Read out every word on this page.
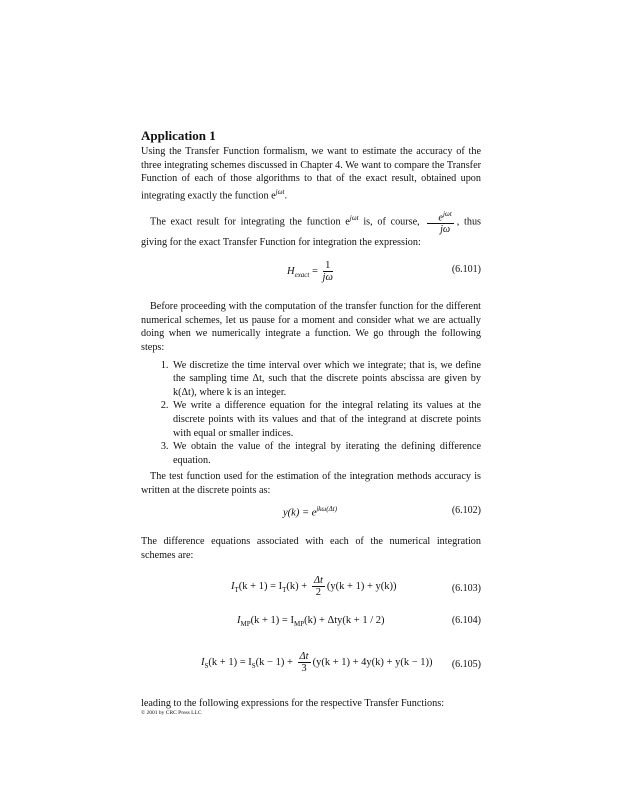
Application 1

Using the Transfer Function formalism, we want to estimate the accuracy of the three integrating schemes discussed in Chapter 4. We want to compare the Transfer Function of each of those algorithms to that of the exact result, obtained upon integrating exactly the function $e^{j\omega t}$.

The exact result for integrating the function $e^{j\omega t}$ is, of course, $\frac{e^{j\omega t}}{j\omega}$ , thus giving for the exact Transfer Function for integration the expression:

$H_{exact} = \frac{1}{j\omega}$	(6.101)

Before proceeding with the computation of the transfer function for the different numerical schemes, let us pause for a moment and consider what we are actually doing when we numerically integrate a function. We go through the following steps:

1. We discretize the time interval over which we integrate; that is, we define the sampling time Δt, such that the discrete points abscissa are given by k(Δt), where k is an integer.
2. We write a difference equation for the integral relating its values at the discrete points with its values and that of the integrand at discrete points with equal or smaller indices.
3. We obtain the value of the integral by iterating the defining difference equation.

The test function used for the estimation of the integration methods accuracy is written at the discrete points as:

$y(k) = e^{jk\omega(\Delta t)}$	(6.102)

The difference equations associated with each of the numerical integration schemes are:

$I_T(k + 1) = I_T(k) + \frac{\Delta t}{2} (y(k + 1) + y(k))$	(6.103)
$I_{MP}(k + 1) = I_{MP}(k) + \Delta ty(k + 1 / 2)$	(6.104)
$I_S(k + 1) = I_S(k - 1) + \frac{\Delta t}{3} (y(k + 1) + 4y(k) + y(k - 1))$ (6.105)

leading to the following expressions for the respective Transfer Functions:

© 2001 by CRC Press LLC
